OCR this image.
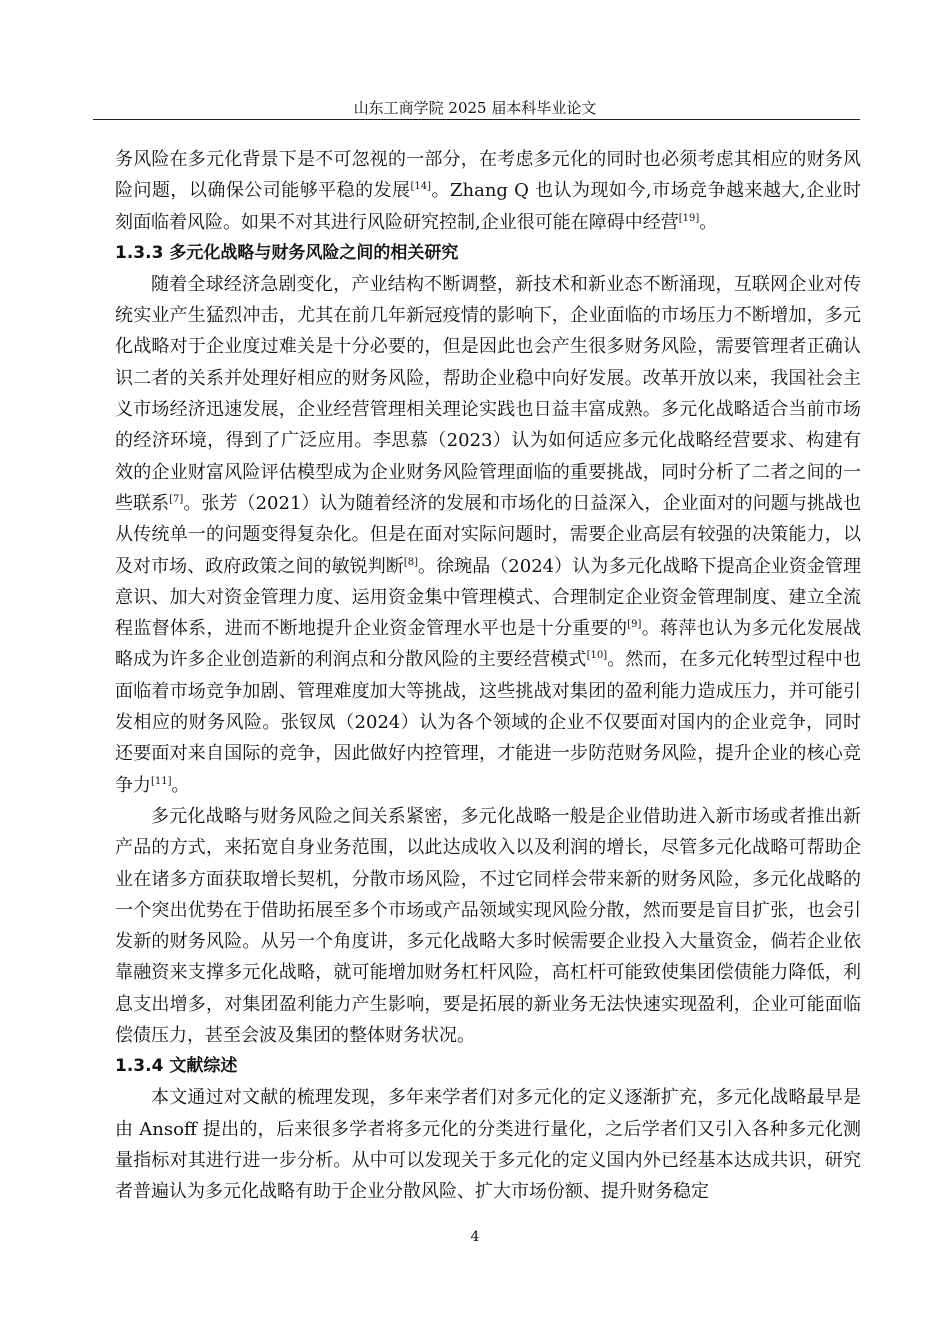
山东工商学院 2025 届本科毕业论文

务风险在多元化背景下是不可忽视的一部分，在考虑多元化的同时也必须考虑其相应的财务风险问题，以确保公司能够平稳的发展[14]。Zhang Q 也认为现如今,市场竞争越来越大,企业时刻面临着风险。如果不对其进行风险研究控制,企业很可能在障碍中经营[19]。

1.3.3 多元化战略与财务风险之间的相关研究

随着全球经济急剧变化，产业结构不断调整，新技术和新业态不断涌现，互联网企业对传统实业产生猛烈冲击，尤其在前几年新冠疫情的影响下，企业面临的市场压力不断增加，多元化战略对于企业度过难关是十分必要的，但是因此也会产生很多财务风险，需要管理者正确认识二者的关系并处理好相应的财务风险，帮助企业稳中向好发展。改革开放以来，我国社会主义市场经济迅速发展，企业经营管理相关理论实践也日益丰富成熟。多元化战略适合当前市场的经济环境，得到了广泛应用。李思慕（2023）认为如何适应多元化战略经营要求、构建有效的企业财富风险评估模型成为企业财务风险管理面临的重要挑战，同时分析了二者之间的一些联系[7]。张芳（2021）认为随着经济的发展和市场化的日益深入，企业面对的问题与挑战也从传统单一的问题变得复杂化。但是在面对实际问题时，需要企业高层有较强的决策能力，以及对市场、政府政策之间的敏锐判断[8]。徐琬晶（2024）认为多元化战略下提高企业资金管理意识、加大对资金管理力度、运用资金集中管理模式、合理制定企业资金管理制度、建立全流程监督体系，进而不断地提升企业资金管理水平也是十分重要的[9]。蒋萍也认为多元化发展战略成为许多企业创造新的利润点和分散风险的主要经营模式[10]。然而，在多元化转型过程中也面临着市场竞争加剧、管理难度加大等挑战，这些挑战对集团的盈利能力造成压力，并可能引发相应的财务风险。张钗凤（2024）认为各个领域的企业不仅要面对国内的企业竞争，同时还要面对来自国际的竞争，因此做好内控管理，才能进一步防范财务风险，提升企业的核心竞争力[11]。

多元化战略与财务风险之间关系紧密，多元化战略一般是企业借助进入新市场或者推出新产品的方式，来拓宽自身业务范围，以此达成收入以及利润的增长，尽管多元化战略可帮助企业在诸多方面获取增长契机，分散市场风险，不过它同样会带来新的财务风险，多元化战略的一个突出优势在于借助拓展至多个市场或产品领域实现风险分散，然而要是盲目扩张，也会引发新的财务风险。从另一个角度讲，多元化战略大多时候需要企业投入大量资金，倘若企业依靠融资来支撑多元化战略，就可能增加财务杠杆风险，高杠杆可能致使集团偿债能力降低，利息支出增多，对集团盈利能力产生影响，要是拓展的新业务无法快速实现盈利，企业可能面临偿债压力，甚至会波及集团的整体财务状况。

1.3.4 文献综述

本文通过对文献的梳理发现，多年来学者们对多元化的定义逐渐扩充，多元化战略最早是由 Ansoff 提出的，后来很多学者将多元化的分类进行量化，之后学者们又引入各种多元化测量指标对其进行进一步分析。从中可以发现关于多元化的定义国内外已经基本达成共识，研究者普遍认为多元化战略有助于企业分散风险、扩大市场份额、提升财务稳定

4
